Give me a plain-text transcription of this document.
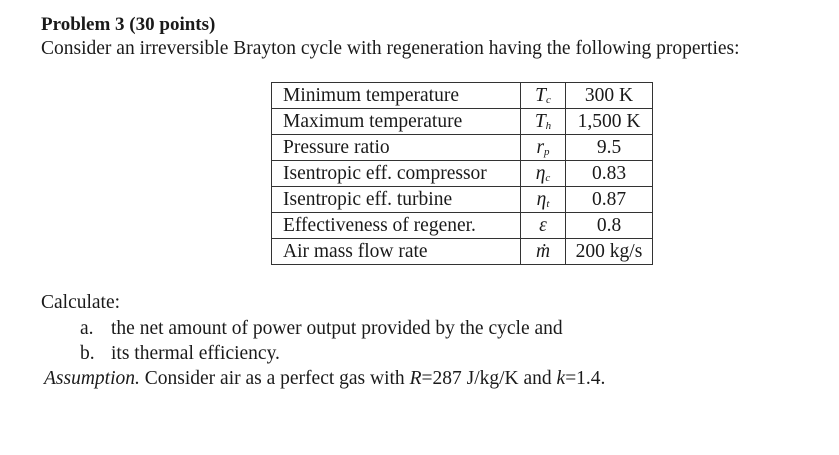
Problem 3 (30 points)
Consider an irreversible Brayton cycle with regeneration having the following properties:
Minimum temperature	$T_c$	300 K
Maximum temperature	$T_h$	1,500 K
Pressure ratio	$r_p$	9.5
Isentropic eff. compressor	$\eta_c$	0.83
Isentropic eff. turbine	$\eta_t$	0.87
Effectiveness of regener.	ε	0.8
Air mass flow rate	ṁ	200 kg/s
Calculate:
a. the net amount of power output provided by the cycle and
b. its thermal efficiency.
Assumption. Consider air as a perfect gas with R=287 J/kg/K and k=1.4.
